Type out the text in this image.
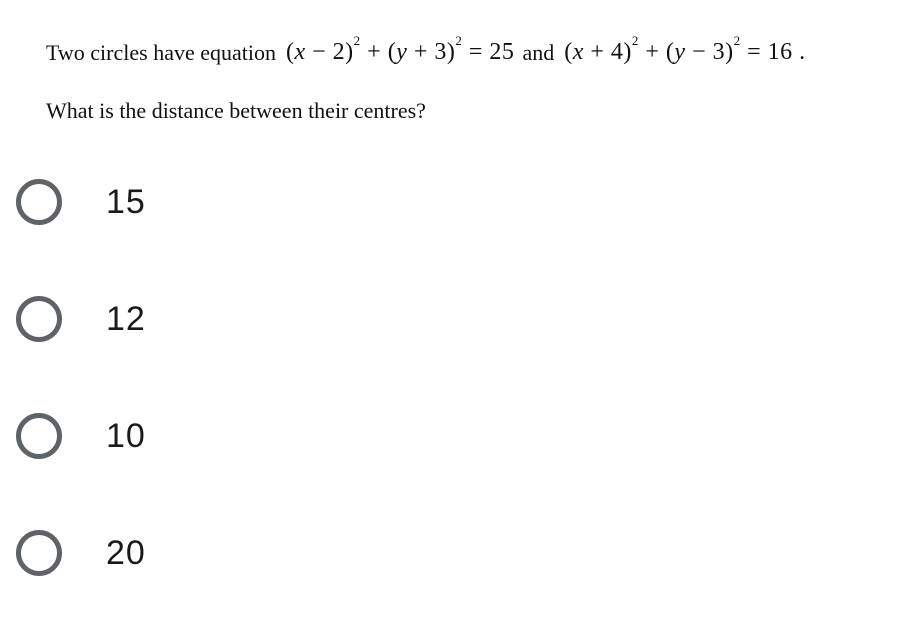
Two circles have equation $(x - 2)^2 + (y + 3)^2 = 25$ and $(x + 4)^2 + (y - 3)^2 = 16$ .
What is the distance between their centres?
15
12
10
20
